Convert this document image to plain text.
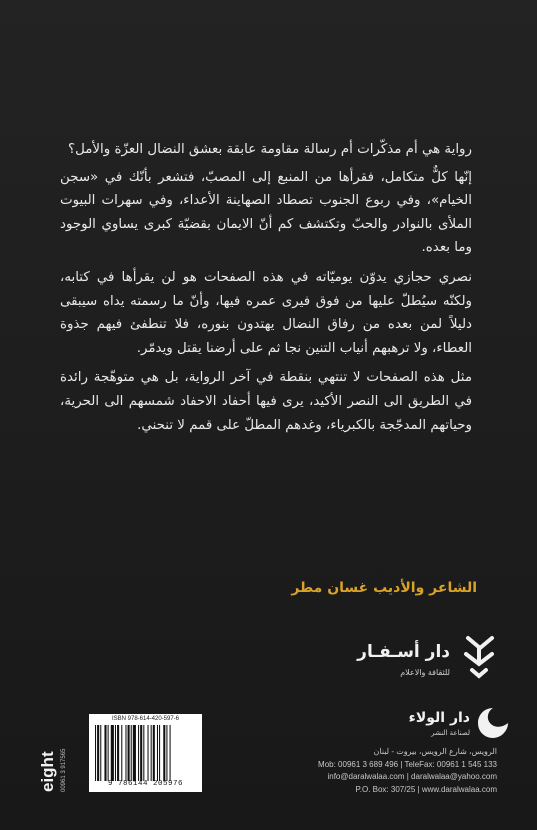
رواية هي أم مذكّرات أم رسالة مقاومة عابقة بعشق النضال العزّة والأمل؟

إنّها كلٌّ متكامل، فقرأها من المنبع إلى المصبّ، فتشعر بأنّك في «سجن الخيام»، وفي ربوع الجنوب تصطاد الصهاينة الأعداء، وفي سهرات البيوت الملأى بالنوادر والحبّ وتكتشف كم أنّ الايمان بقضيّة كبرى يساوي الوجود وما بعده.

نصري حجازي يدوّن يوميّاته في هذه الصفحات هو لن يقرأها في كتابه، ولكنّه سيُطلّ عليها من فوق فيرى عمره فيها، وأنّ ما رسمته يداه سيبقى دليلاً لمن بعده من رفاق النضال يهتدون بنوره، فلا تنطفئ فيهم جذوة العطاء، ولا ترهبهم أنياب التنين نجا ثم على أرضنا يقتل ويدمّر.

مثل هذه الصفحات لا تنتهي بنقطة في آخر الرواية، بل هي متوهّجة رائدة في الطريق الى النصر الأكيد، يرى فيها أحفاد الاحفاد شمسهم الى الحرية، وحياتهم المدجّجة بالكبرياء، وغدهم المطلّ على قمم لا تنحني.

الشاعر والأديب غسان مطر
دار أسـفـار
للثقافة والاعلام
ISBN 978-614-420-597-6
9 786144 205976
eight 00961 3 917565
دار الولاء
لصناعة النشر
الرويس، شارع الرويس، بيروت - لبنان
Mob: 00961 3 689 496 | TeleFax: 00961 1 545 133
info@daralwalaa.com | daralwalaa@yahoo.com
P.O. Box: 307/25 | www.daralwalaa.com
